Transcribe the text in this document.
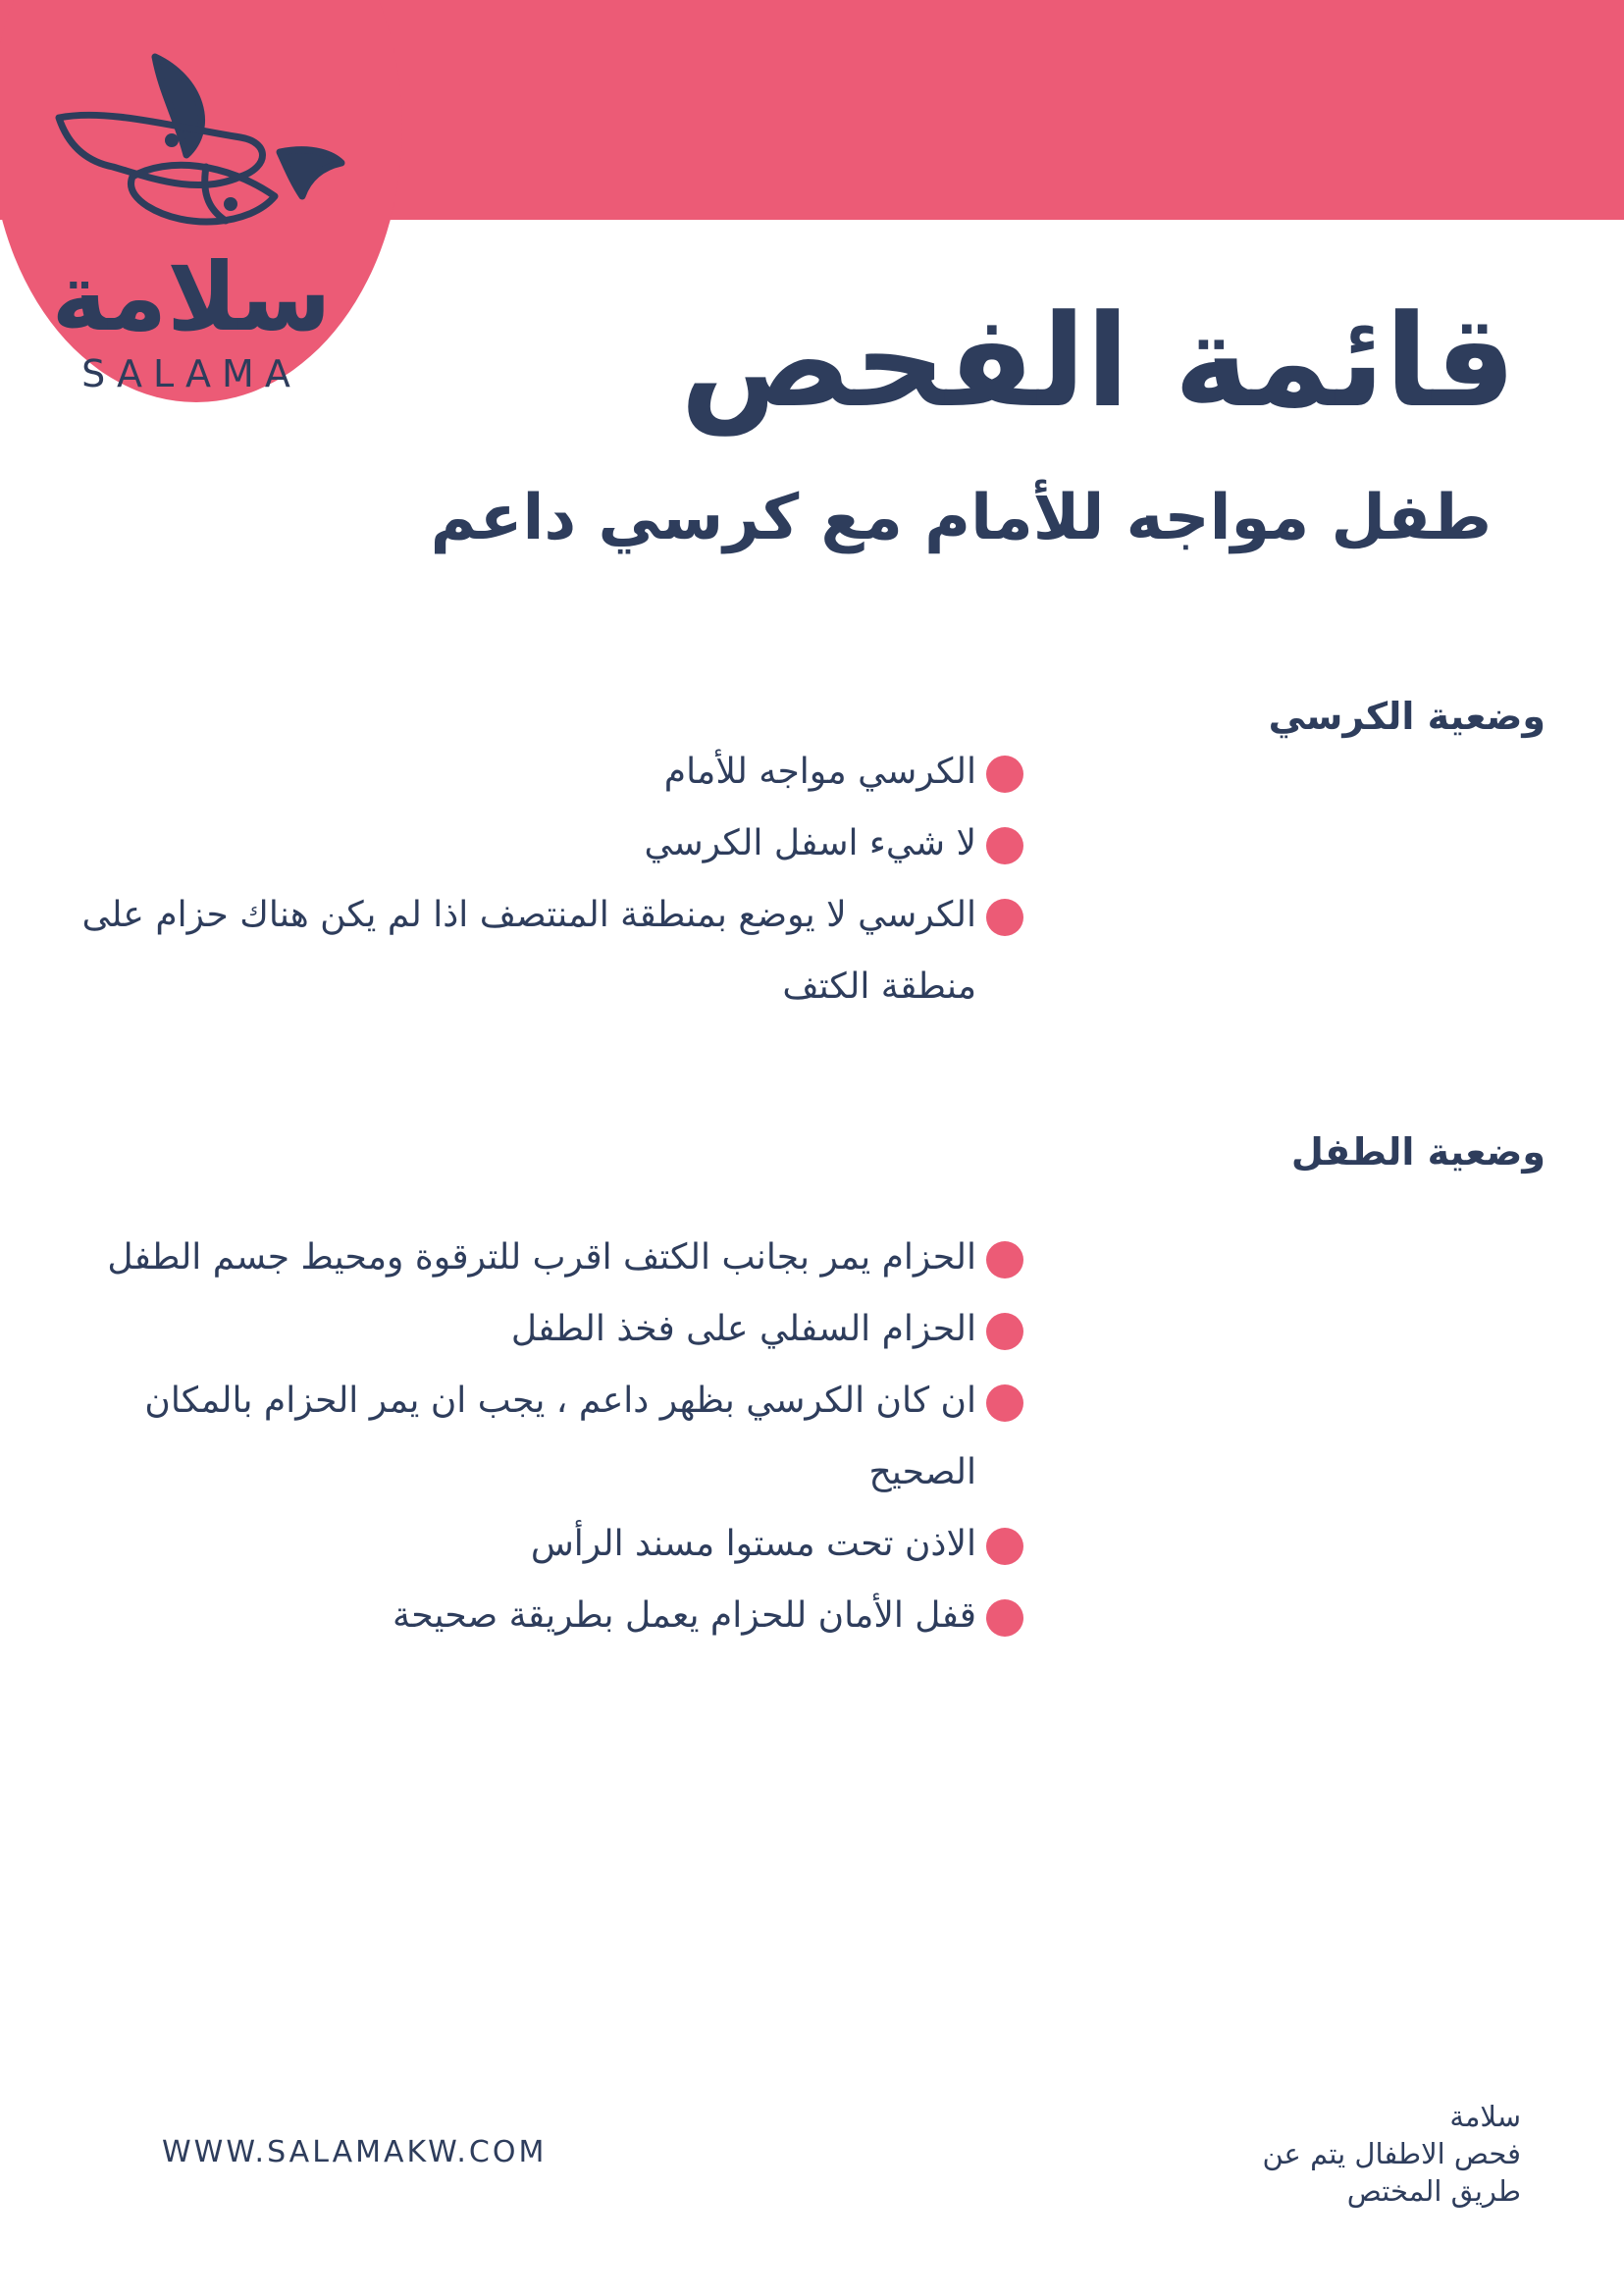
سلامة
SALAMA	قائمة الفحص
طفل مواجه للأمام مع كرسي داعم
وضعية الكرسي
الكرسي مواجه للأمام
لا شيء اسفل الكرسي
الكرسي لا يوضع بمنطقة المنتصف اذا لم يكن هناك حزام على منطقة الكتف
وضعية الطفل
الحزام يمر بجانب الكتف اقرب للترقوة ومحيط جسم الطفل
الحزام السفلي على فخذ الطفل
ان كان الكرسي بظهر داعم ، يجب ان يمر الحزام بالمكان الصحيح
الاذن تحت مستوا مسند الرأس
قفل الأمان للحزام يعمل بطريقة صحيحة
WWW.SALAMAKW.COM
سلامة
فحص الاطفال يتم عن
طريق المختص
